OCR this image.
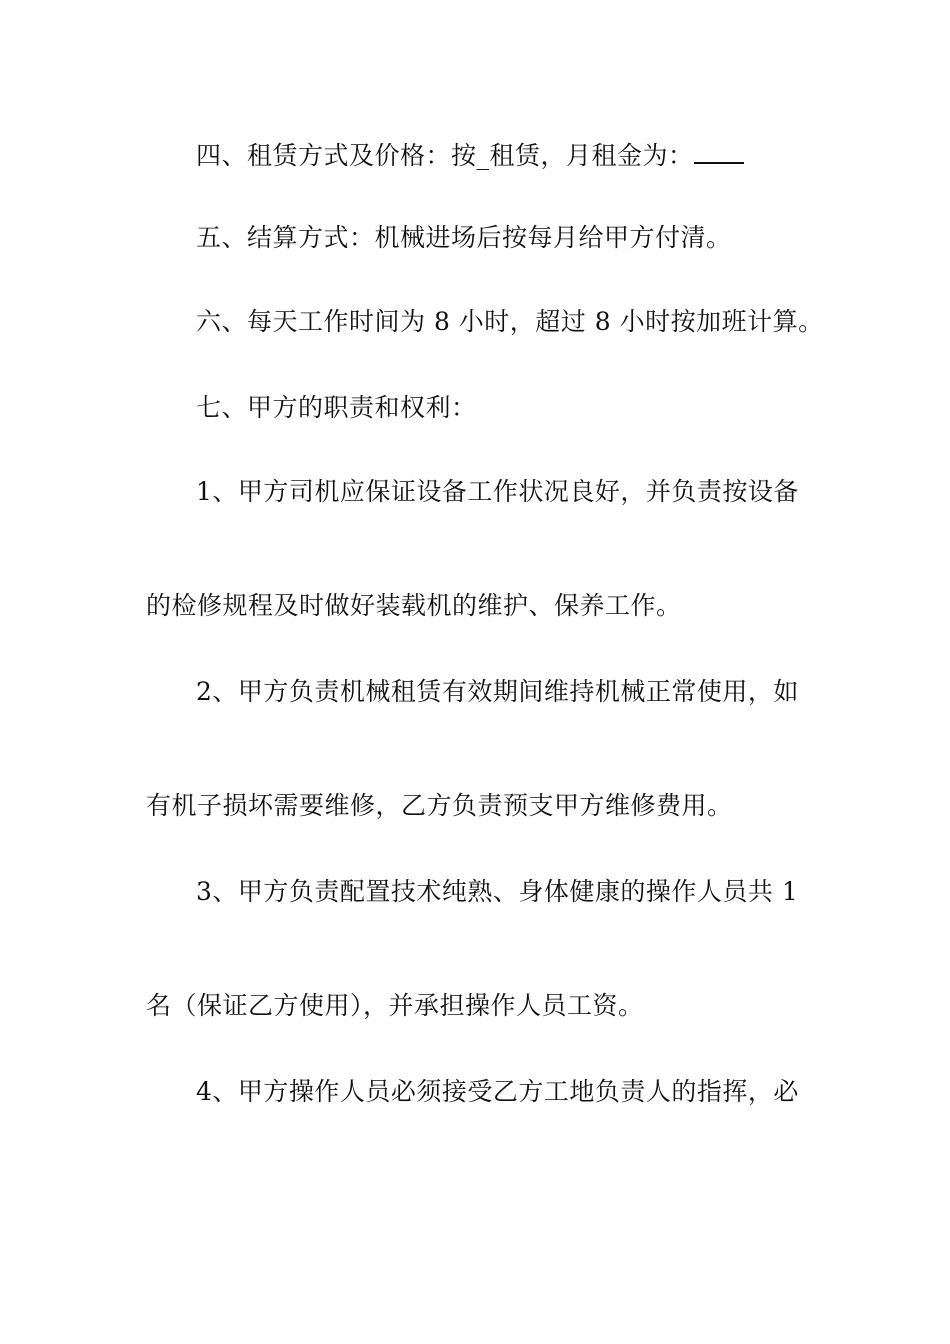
四、租赁方式及价格：按_租赁，月租金为：
五、结算方式：机械进场后按每月给甲方付清。
六、每天工作时间为 8 小时，超过 8 小时按加班计算。
七、甲方的职责和权利：
1、甲方司机应保证设备工作状况良好，并负责按设备
的检修规程及时做好装载机的维护、保养工作。
2、甲方负责机械租赁有效期间维持机械正常使用，如
有机子损坏需要维修，乙方负责预支甲方维修费用。
3、甲方负责配置技术纯熟、身体健康的操作人员共 1
名（保证乙方使用），并承担操作人员工资。
4、甲方操作人员必须接受乙方工地负责人的指挥，必
